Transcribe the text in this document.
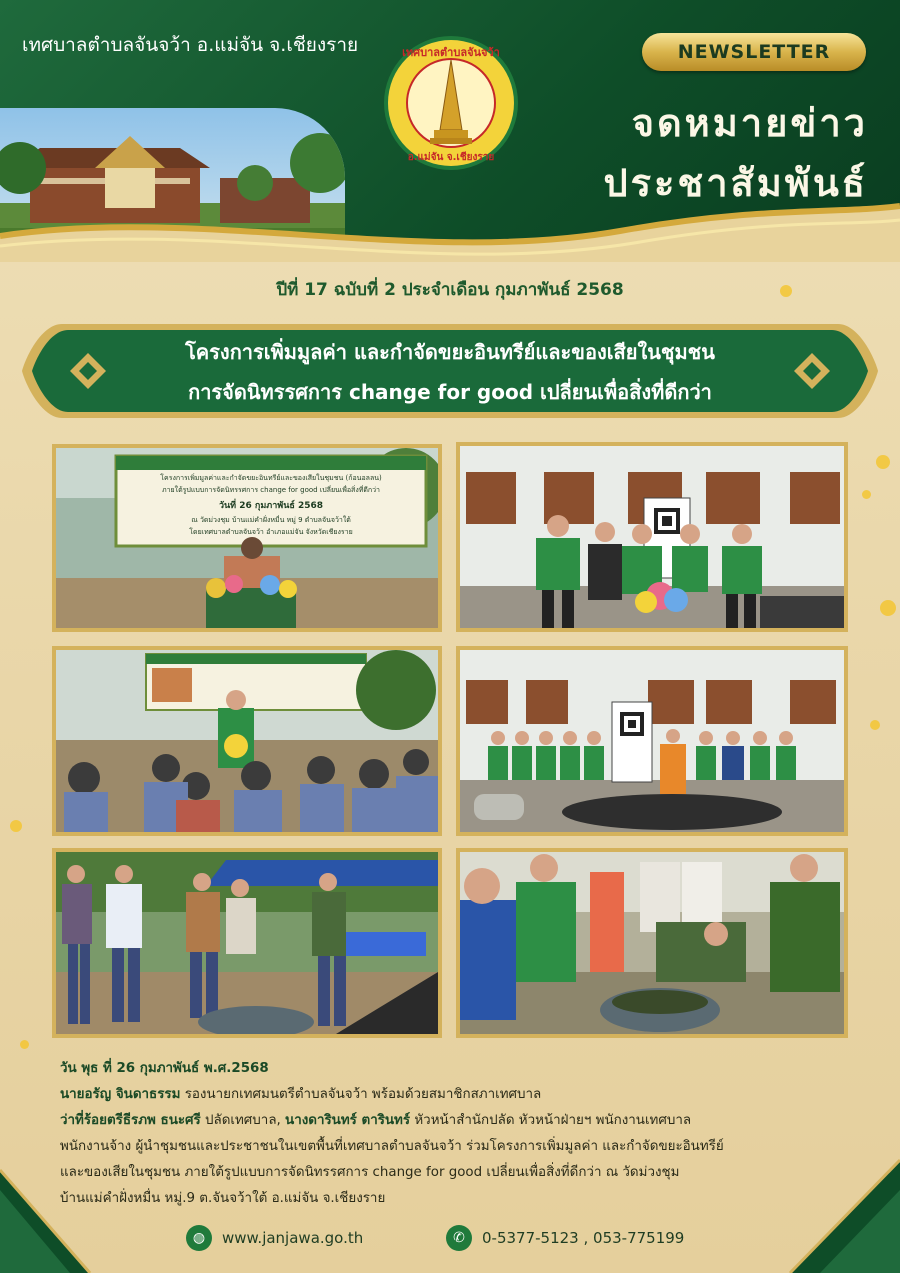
เทศบาลตำบลจันจว้า อ.แม่จัน จ.เชียงราย	NEWSLETTER
จดหมายข่าว
ประชาสัมพันธ์
เทศบาลตำบลจันจว้า
อ.แม่จัน จ.เชียงราย
ปีที่ 17 ฉบับที่ 2 ประจำเดือน กุมภาพันธ์ 2568
โครงการเพิ่มมูลค่า และกำจัดขยะอินทรีย์และของเสียในชุมชน
การจัดนิทรรศการ change for good เปลี่ยนเพื่อสิ่งที่ดีกว่า
โครงการเพิ่มมูลค่าและกำจัดขยะอินทรีย์และของเสียในชุมชน (ก้อนอลลน)
ภายใต้รูปแบบการจัดนิทรรศการ change for good เปลี่ยนเพื่อสิ่งที่ดีกว่า
วันที่ 26 กุมภาพันธ์ 2568
ณ วัดม่วงชุม บ้านแม่คำฝั่งหมื่น หมู่ 9 ตำบลจันจว้าใต้
โดยเทศบาลตำบลจันจว้า อำเภอแม่จัน จังหวัดเชียงราย
วัน พุธ ที่ 26 กุมภาพันธ์ พ.ศ.2568
นายอรัญ จินดาธรรม รองนายกเทศมนตรีตำบลจันจว้า พร้อมด้วยสมาชิกสภาเทศบาล
ว่าที่ร้อยตรีธีรภพ ธนะศรี ปลัดเทศบาล, นางดารินทร์ ตารินทร์ หัวหน้าสำนักปลัด หัวหน้าฝ่ายฯ พนักงานเทศบาล
พนักงานจ้าง ผู้นำชุมชนและประชาชนในเขตพื้นที่เทศบาลตำบลจันจว้า ร่วมโครงการเพิ่มมูลค่า และกำจัดขยะอินทรีย์
และของเสียในชุมชน ภายใต้รูปแบบการจัดนิทรรศการ change for good เปลี่ยนเพื่อสิ่งที่ดีกว่า ณ วัดม่วงชุม
บ้านแม่คำฝั่งหมื่น หมู่.9 ต.จันจว้าใต้ อ.แม่จัน จ.เชียงราย
◍	www.janjawa.go.th	✆	0-5377-5123 , 053-775199
